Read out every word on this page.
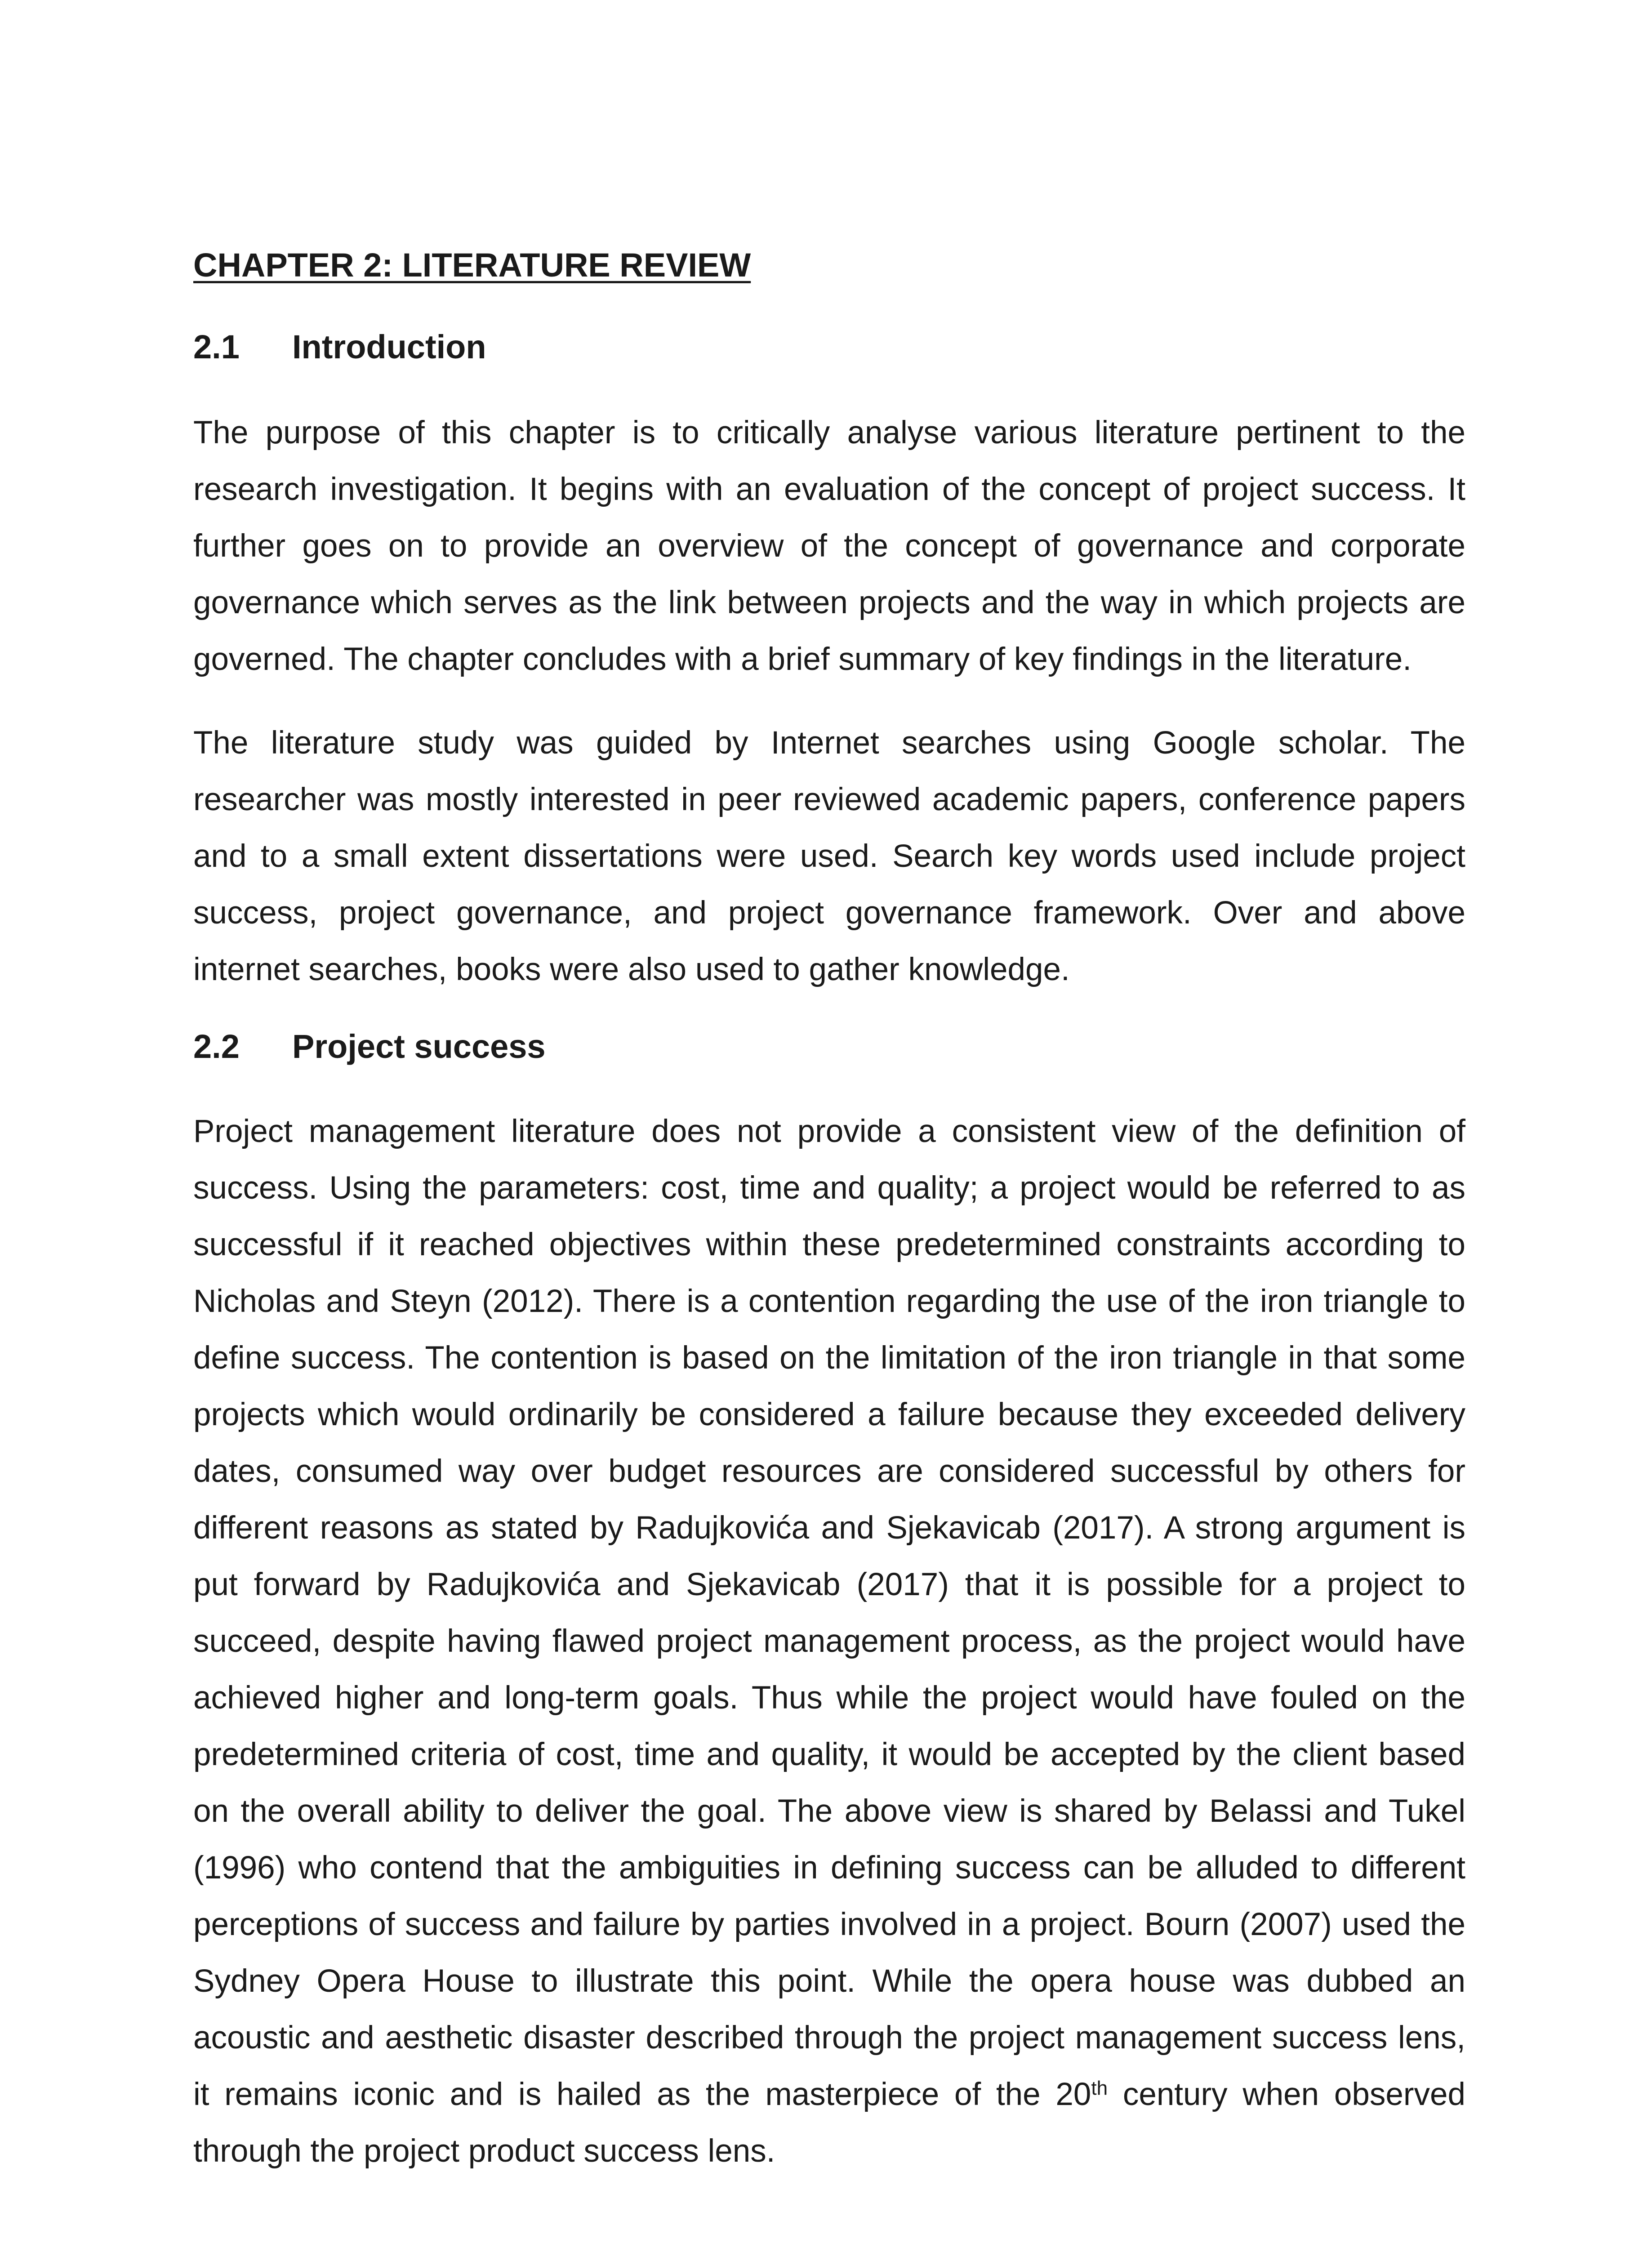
CHAPTER 2: LITERATURE REVIEW
2.1	Introduction

The purpose of this chapter is to critically analyse various literature pertinent to the research investigation. It begins with an evaluation of the concept of project success. It further goes on to provide an overview of the concept of governance and corporate governance which serves as the link between projects and the way in which projects are governed. The chapter concludes with a brief summary of key findings in the literature.

The literature study was guided by Internet searches using Google scholar. The researcher was mostly interested in peer reviewed academic papers, conference papers and to a small extent dissertations were used. Search key words used include project success, project governance, and project governance framework. Over and above internet searches, books were also used to gather knowledge.

2.2	Project success

Project management literature does not provide a consistent view of the definition of success. Using the parameters: cost, time and quality; a project would be referred to as successful if it reached objectives within these predetermined constraints according to Nicholas and Steyn (2012). There is a contention regarding the use of the iron triangle to define success. The contention is based on the limitation of the iron triangle in that some projects which would ordinarily be considered a failure because they exceeded delivery dates, consumed way over budget resources are considered successful by others for different reasons as stated by Radujkovića and Sjekavicab (2017). A strong argument is put forward by Radujkovića and Sjekavicab (2017) that it is possible for a project to succeed, despite having flawed project management process, as the project would have achieved higher and long-term goals. Thus while the project would have fouled on the predetermined criteria of cost, time and quality, it would be accepted by the client based on the overall ability to deliver the goal. The above view is shared by Belassi and Tukel (1996) who contend that the ambiguities in defining success can be alluded to different perceptions of success and failure by parties involved in a project. Bourn (2007) used the Sydney Opera House to illustrate this point. While the opera house was dubbed an acoustic and aesthetic disaster described through the project management success lens, it remains iconic and is hailed as the masterpiece of the 20th century when observed through the project product success lens.
